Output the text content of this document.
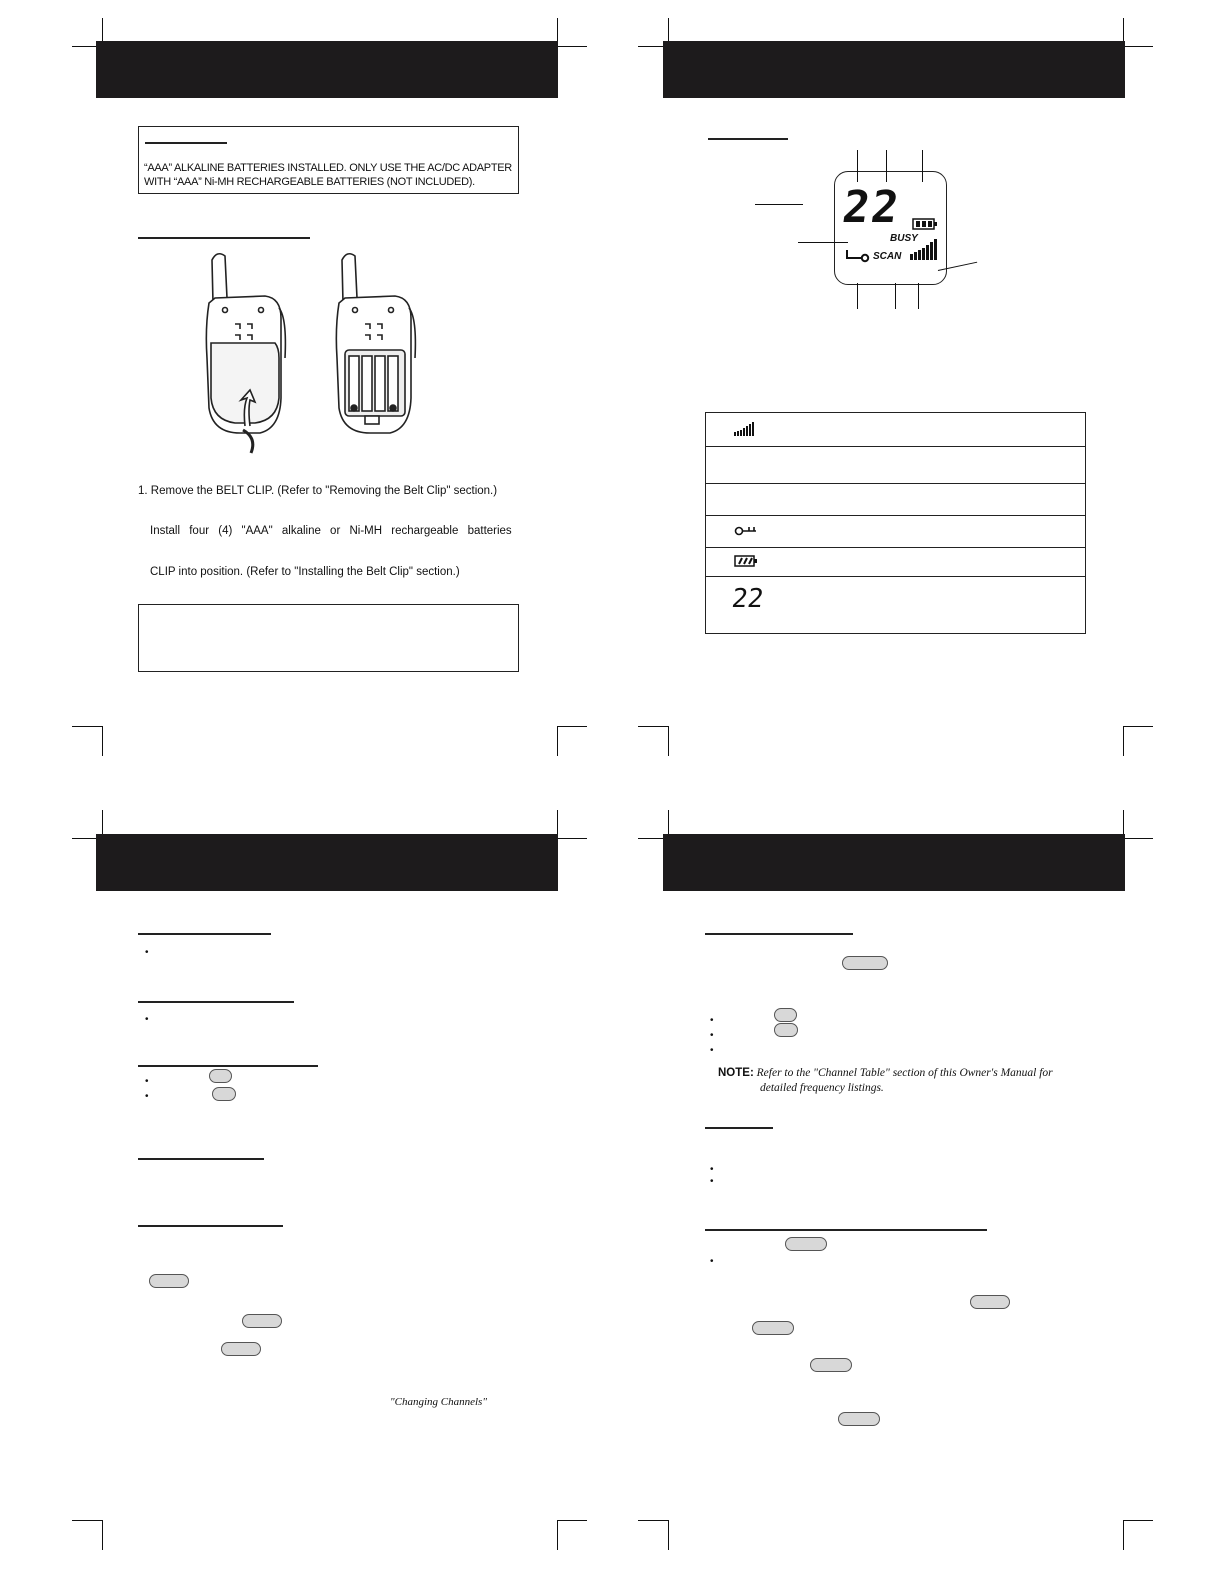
“AAA” ALKALINE BATTERIES INSTALLED. ONLY USE THE AC/DC ADAPTER
WITH “AAA” Ni-MH RECHARGEABLE BATTERIES (NOT INCLUDED).
1. Remove the BELT CLIP. (Refer to "Removing the Belt Clip" section.)
Install four (4) "AAA" alkaline or Ni-MH rechargeable batteries
CLIP into position. (Refer to "Installing the Belt Clip" section.)
22
BUSY
SCAN
22
•
•
•
•
"Changing Channels"
•
•
•
NOTE: Refer to the "Channel Table" section of this Owner's Manual for
detailed frequency listings.
•
•
•
